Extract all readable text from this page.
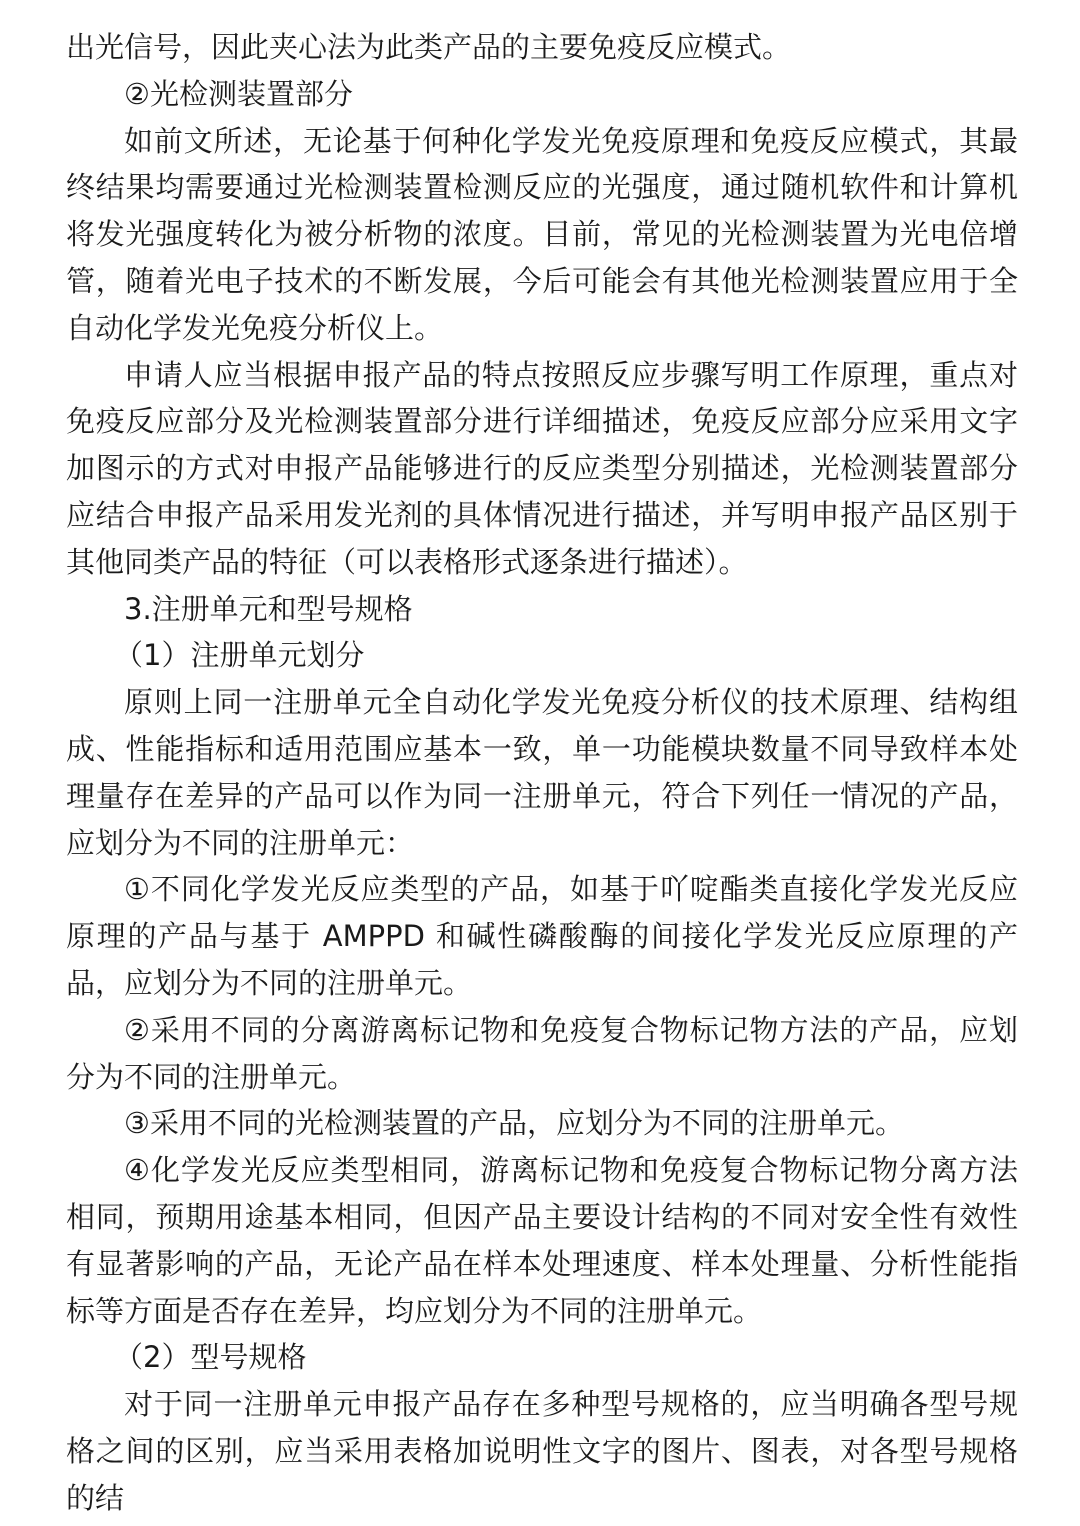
出光信号，因此夹心法为此类产品的主要免疫反应模式。

②光检测装置部分

如前文所述，无论基于何种化学发光免疫原理和免疫反应模式，其最终结果均需要通过光检测装置检测反应的光强度，通过随机软件和计算机将发光强度转化为被分析物的浓度。目前，常见的光检测装置为光电倍增管，随着光电子技术的不断发展，今后可能会有其他光检测装置应用于全自动化学发光免疫分析仪上。

申请人应当根据申报产品的特点按照反应步骤写明工作原理，重点对免疫反应部分及光检测装置部分进行详细描述，免疫反应部分应采用文字加图示的方式对申报产品能够进行的反应类型分别描述，光检测装置部分应结合申报产品采用发光剂的具体情况进行描述，并写明申报产品区别于其他同类产品的特征（可以表格形式逐条进行描述）。

3.注册单元和型号规格

（1）注册单元划分

原则上同一注册单元全自动化学发光免疫分析仪的技术原理、结构组成、性能指标和适用范围应基本一致，单一功能模块数量不同导致样本处理量存在差异的产品可以作为同一注册单元，符合下列任一情况的产品，应划分为不同的注册单元：

①不同化学发光反应类型的产品，如基于吖啶酯类直接化学发光反应原理的产品与基于 AMPPD 和碱性磷酸酶的间接化学发光反应原理的产品，应划分为不同的注册单元。

②采用不同的分离游离标记物和免疫复合物标记物方法的产品，应划分为不同的注册单元。

③采用不同的光检测装置的产品，应划分为不同的注册单元。

④化学发光反应类型相同，游离标记物和免疫复合物标记物分离方法相同，预期用途基本相同，但因产品主要设计结构的不同对安全性有效性有显著影响的产品，无论产品在样本处理速度、样本处理量、分析性能指标等方面是否存在差异，均应划分为不同的注册单元。

（2）型号规格

对于同一注册单元申报产品存在多种型号规格的，应当明确各型号规格之间的区别，应当采用表格加说明性文字的图片、图表，对各型号规格的结
